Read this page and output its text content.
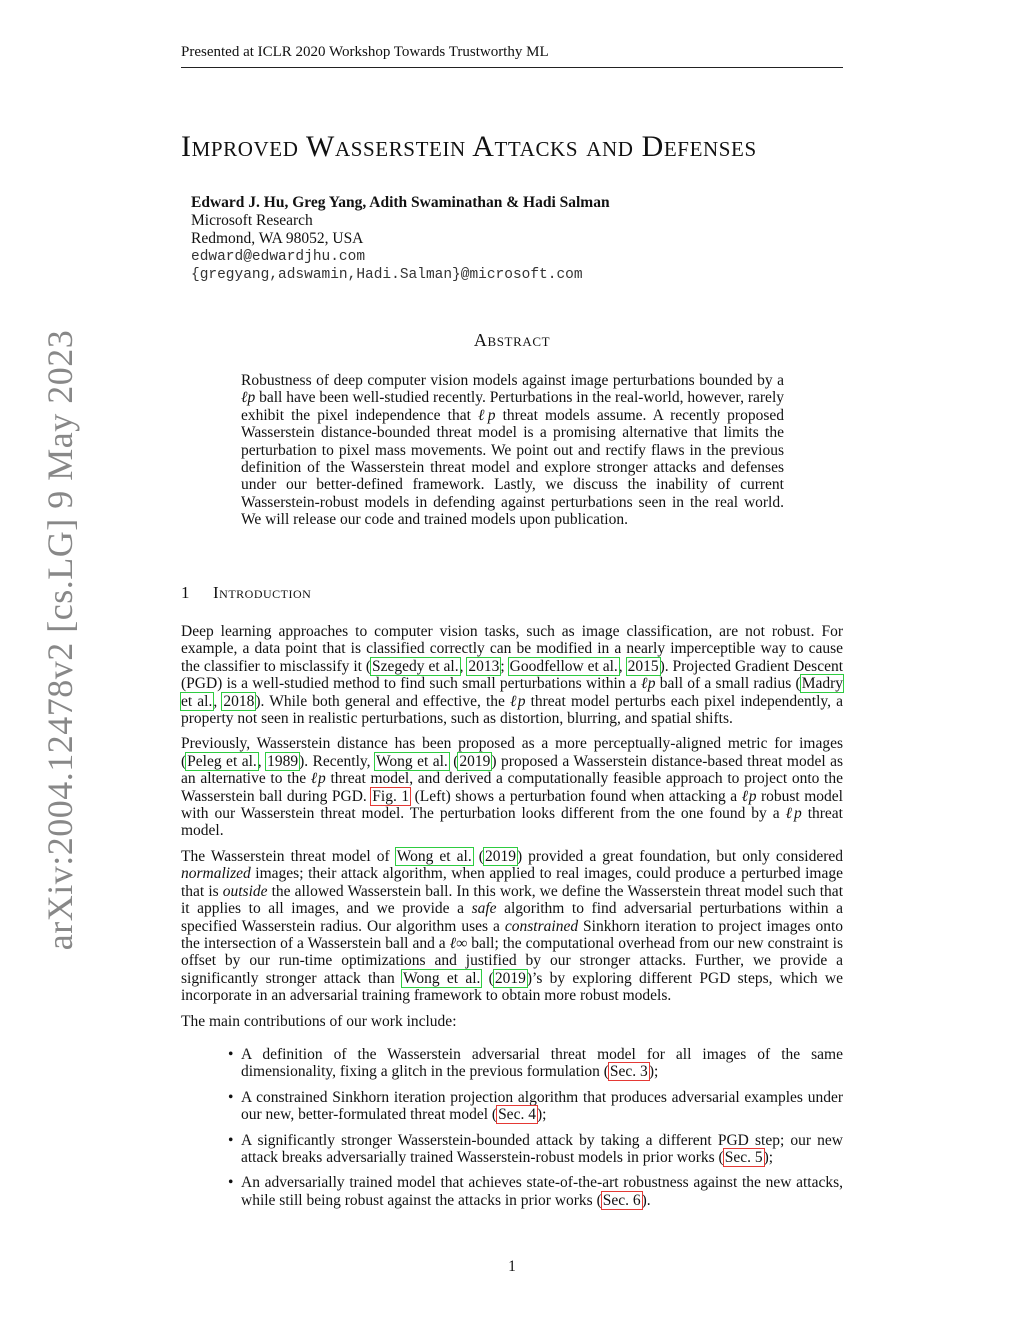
Presented at ICLR 2020 Workshop Towards Trustworthy ML
arXiv:2004.12478v2 [cs.LG] 9 May 2023
Improved Wasserstein Attacks and Defenses
Edward J. Hu, Greg Yang, Adith Swaminathan & Hadi Salman
Microsoft Research
Redmond, WA 98052, USA
edward@edwardjhu.com
{gregyang,adswamin,Hadi.Salman}@microsoft.com
Abstract
Robustness of deep computer vision models against image perturbations bounded by a ℓp ball have been well-studied recently. Perturbations in the real-world, however, rarely exhibit the pixel independence that ℓp threat models assume. A recently proposed Wasserstein distance-bounded threat model is a promising alternative that limits the perturbation to pixel mass movements. We point out and rectify flaws in the previous definition of the Wasserstein threat model and explore stronger attacks and defenses under our better-defined framework. Lastly, we discuss the inability of current Wasserstein-robust models in defending against perturbations seen in the real world. We will release our code and trained models upon publication.
1 Introduction

Deep learning approaches to computer vision tasks, such as image classification, are not robust. For example, a data point that is classified correctly can be modified in a nearly imperceptible way to cause the classifier to misclassify it (Szegedy et al., 2013; Goodfellow et al., 2015). Projected Gradient Descent (PGD) is a well-studied method to find such small perturbations within a ℓp ball of a small radius (Madry et al., 2018). While both general and effective, the ℓp threat model perturbs each pixel independently, a property not seen in realistic perturbations, such as distortion, blurring, and spatial shifts.

Previously, Wasserstein distance has been proposed as a more perceptually-aligned metric for images (Peleg et al., 1989). Recently, Wong et al. (2019) proposed a Wasserstein distance-based threat model as an alternative to the ℓp threat model, and derived a computationally feasible approach to project onto the Wasserstein ball during PGD. Fig. 1 (Left) shows a perturbation found when attacking a ℓp robust model with our Wasserstein threat model. The perturbation looks different from the one found by a ℓp threat model.

The Wasserstein threat model of Wong et al. (2019) provided a great foundation, but only considered normalized images; their attack algorithm, when applied to real images, could produce a perturbed image that is outside the allowed Wasserstein ball. In this work, we define the Wasserstein threat model such that it applies to all images, and we provide a safe algorithm to find adversarial perturbations within a specified Wasserstein radius. Our algorithm uses a constrained Sinkhorn iteration to project images onto the intersection of a Wasserstein ball and a ℓ∞ ball; the computational overhead from our new constraint is offset by our run-time optimizations and justified by our stronger attacks. Further, we provide a significantly stronger attack than Wong et al. (2019)’s by exploring different PGD steps, which we incorporate in an adversarial training framework to obtain more robust models.

The main contributions of our work include:

• A definition of the Wasserstein adversarial threat model for all images of the same dimensionality, fixing a glitch in the previous formulation (Sec. 3);
• A constrained Sinkhorn iteration projection algorithm that produces adversarial examples under our new, better-formulated threat model (Sec. 4);
• A significantly stronger Wasserstein-bounded attack by taking a different PGD step; our new attack breaks adversarially trained Wasserstein-robust models in prior works (Sec. 5);
• An adversarially trained model that achieves state-of-the-art robustness against the new attacks, while still being robust against the attacks in prior works (Sec. 6).
1
